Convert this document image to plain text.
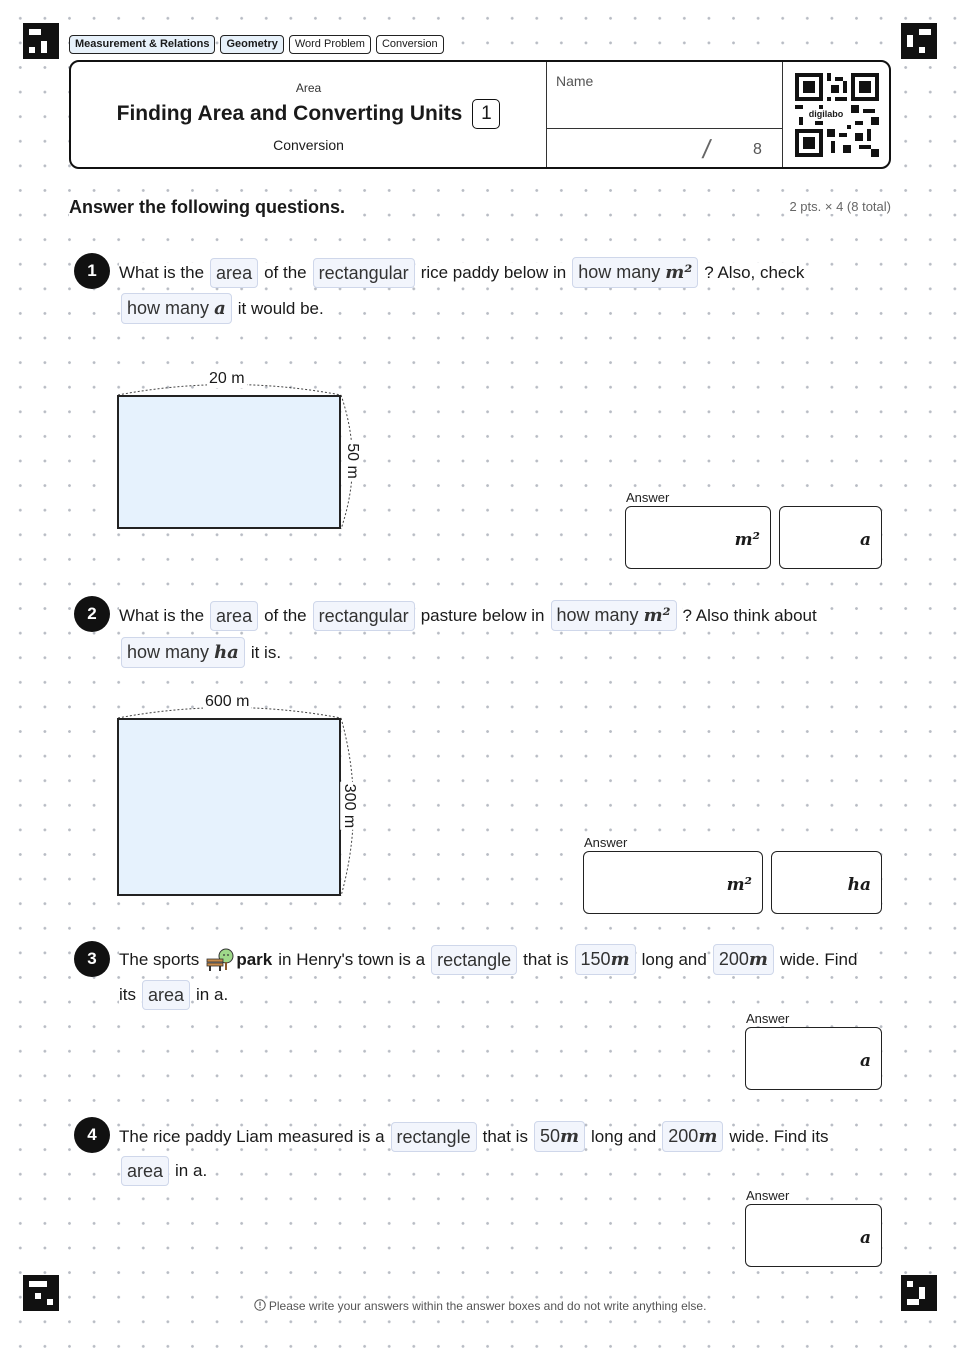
Measurement & Relations	Geometry	Word Problem	Conversion
Area
Finding Area and Converting Units 1
Conversion
Name
/	8
digilabo
Answer the following questions.	2 pts. × 4 (8 total)
1	What is the area of the rectangular rice paddy below in how many m² ? Also, check
how many a it would be.
20 m
50 m
Answer
m²	a
2	What is the area of the rectangular pasture below in how many m² ? Also think about
how many ha it is.
600 m
300 m
Answer
m²	ha
3	The sports park in Henry's town is a rectangle that is 150m long and 200m wide. Find
its area in a.
Answer
a
4	The rice paddy Liam measured is a rectangle that is 50m long and 200m wide. Find its
area in a.
Answer
a
Please write your answers within the answer boxes and do not write anything else.
